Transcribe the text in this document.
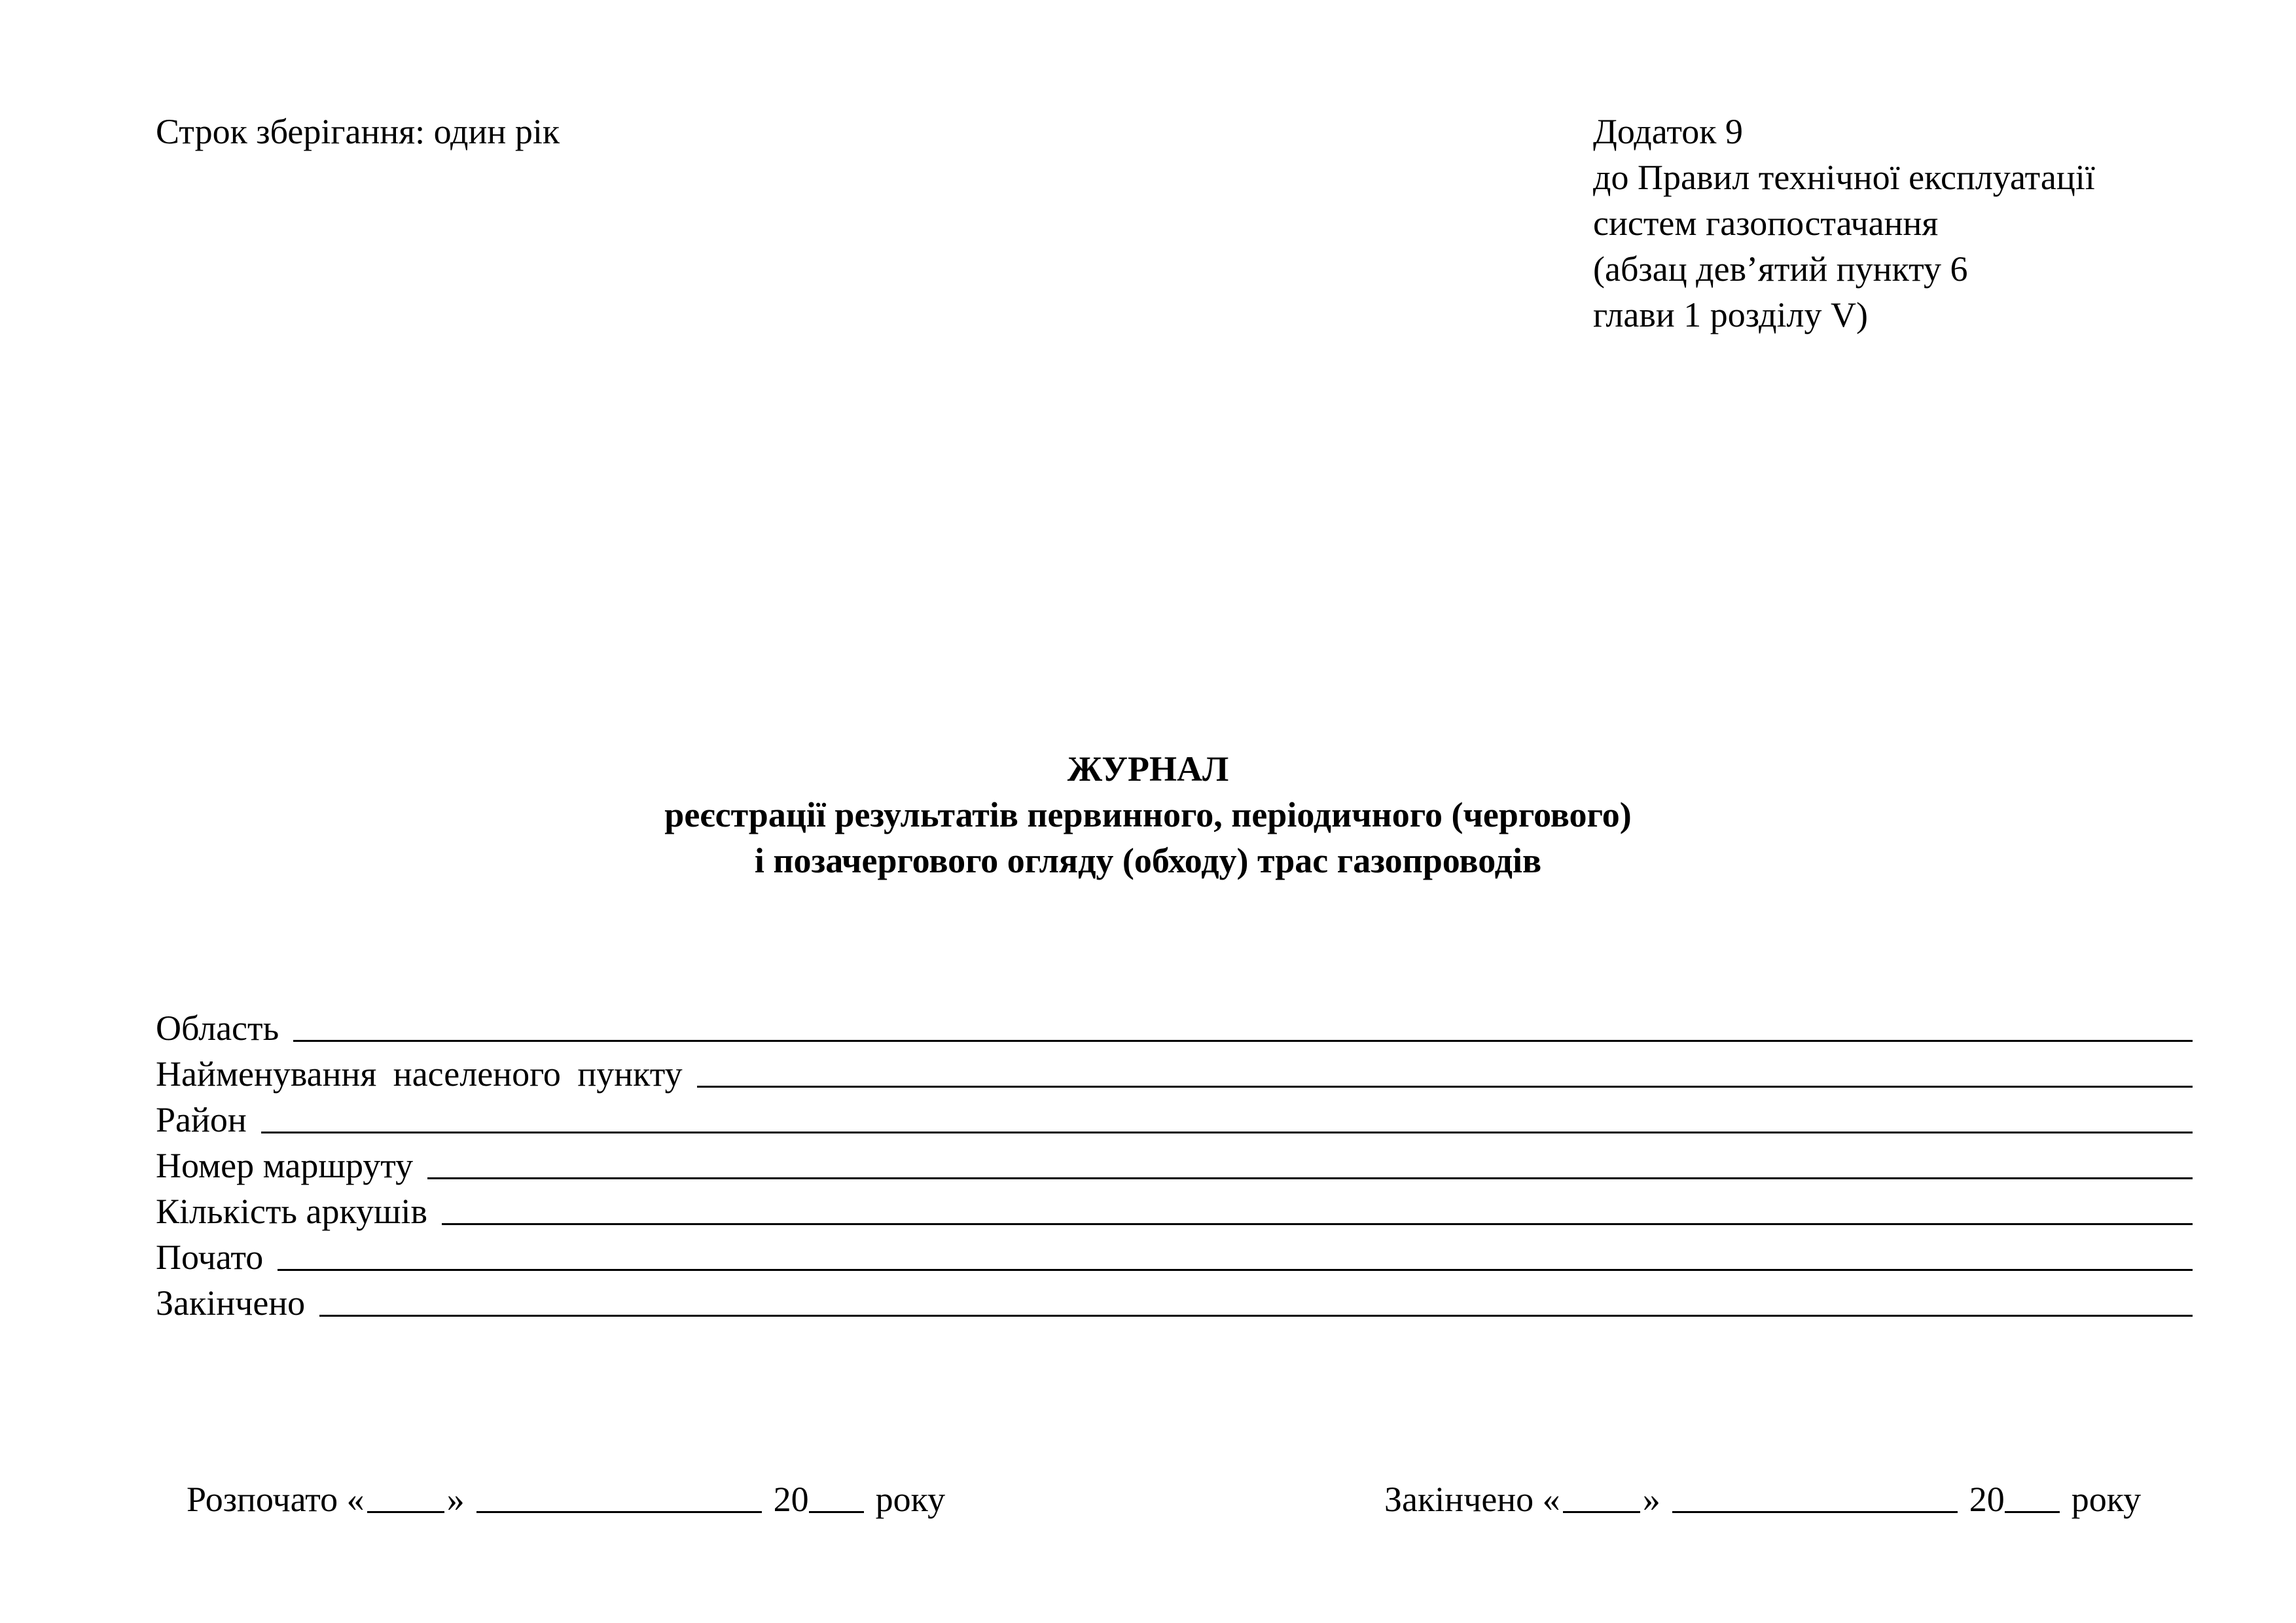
Строк зберігання: один рік	Додаток 9
до Правил технічної експлуатації
систем газопостачання
(абзац дев’ятий пункту 6
глави 1 розділу V)
ЖУРНАЛ
реєстрації результатів первинного, періодичного (чергового)
і позачергового огляду (обходу) трас газопроводів
Область
Найменування населеного пункту
Район
Номер маршруту
Кількість аркушів
Почато
Закінчено
Розпочато « »	20 року	Закінчено « »	20 року
